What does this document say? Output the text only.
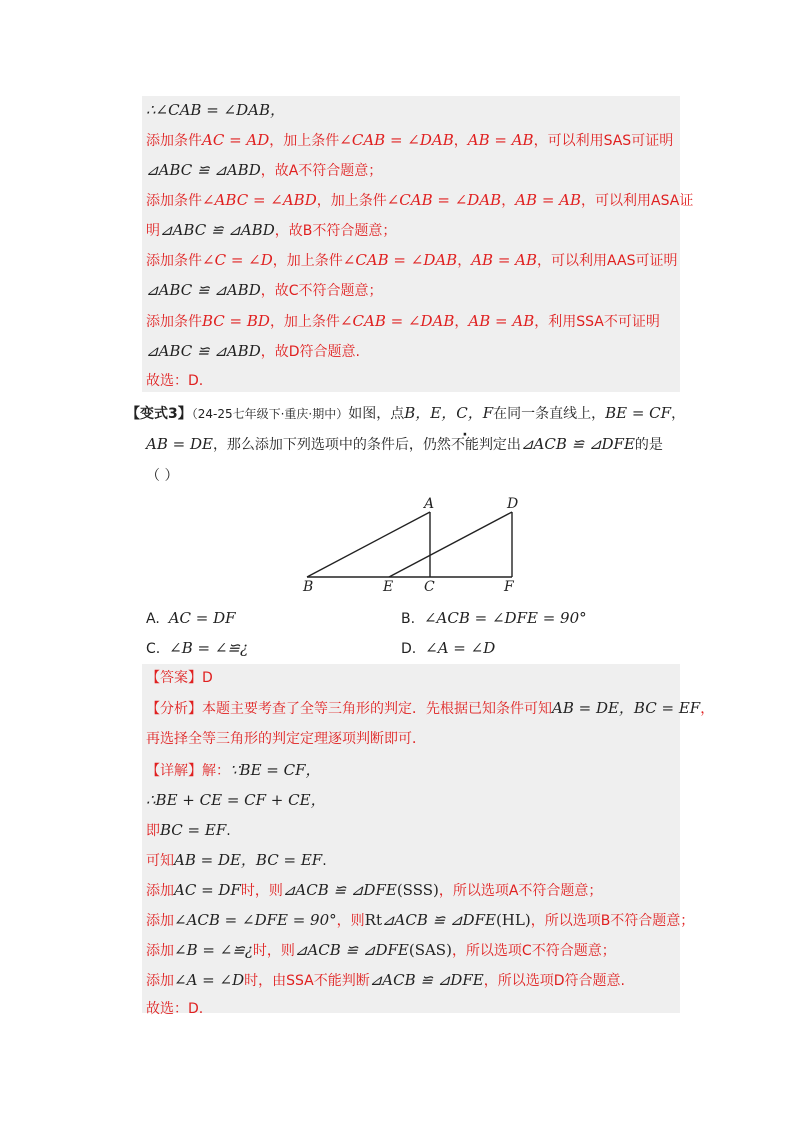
∴∠CAB = ∠DAB，
添加条件AC = AD，加上条件∠CAB = ∠DAB，AB = AB，可以利用SAS可证明
⊿ABC ≌ ⊿ABD，故A不符合题意；
添加条件∠ABC = ∠ABD，加上条件∠CAB = ∠DAB，AB = AB，可以利用ASA证
明⊿ABC ≌ ⊿ABD，故B不符合题意；
添加条件∠C = ∠D，加上条件∠CAB = ∠DAB，AB = AB，可以利用AAS可证明
⊿ABC ≌ ⊿ABD，故C不符合题意；
添加条件BC = BD，加上条件∠CAB = ∠DAB，AB = AB，利用SSA不可证明
⊿ABC ≌ ⊿ABD，故D符合题意.
故选：D.
【变式3】（24-25七年级下·重庆·期中）如图，点B，E，C，F在同一条直线上，BE = CF，
AB = DE，那么添加下列选项中的条件后，仍然不能判定出⊿ACB ≌ ⊿DFE的是
（ ）
A	D
B	E C	F
A. AC = DF	B. ∠ACB = ∠DFE = 90°
C. ∠B = ∠≌¿	D. ∠A = ∠D
【答案】D
【分析】本题主要考查了全等三角形的判定．先根据已知条件可知AB = DE，BC = EF，
再选择全等三角形的判定定理逐项判断即可．
【详解】解：∵BE = CF，
∴BE + CE = CF + CE，
即BC = EF.
可知AB = DE，BC = EF.
添加AC = DF时，则⊿ACB ≌ ⊿DFE(SSS)，所以选项A不符合题意；
添加∠ACB = ∠DFE = 90°，则Rt⊿ACB ≌ ⊿DFE(HL)，所以选项B不符合题意；
添加∠B = ∠≌¿时，则⊿ACB ≌ ⊿DFE(SAS)，所以选项C不符合题意；
添加∠A = ∠D时，由SSA不能判断⊿ACB ≌ ⊿DFE，所以选项D符合题意.
故选：D.
